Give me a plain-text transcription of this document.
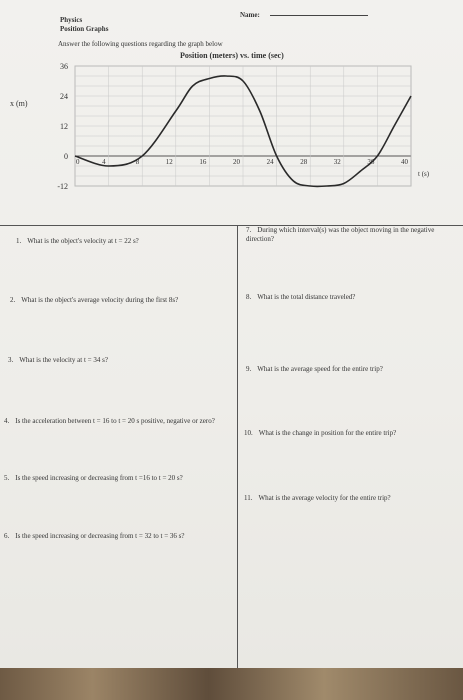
Physics
Position Graphs
Name:
Answer the following questions regarding the graph below
Position (meters) vs. time (sec)
x (m)
t (s)
36
24
12
0
-12
0	4	8	12	16	20	24	28	32	36	40
1. What is the object's velocity at t = 22 s?
2. What is the object's average velocity during the first 8s?
3. What is the velocity at t = 34 s?
4. Is the acceleration between t = 16 to t = 20 s positive, negative or zero?
5. Is the speed increasing or decreasing from t =16 to t = 20 s?
6. Is the speed increasing or decreasing from t = 32 to t = 36 s?
7. During which interval(s) was the object moving in the negative direction?
8. What is the total distance traveled?
9. What is the average speed for the entire trip?
10. What is the change in position for the entire trip?
11. What is the average velocity for the entire trip?
